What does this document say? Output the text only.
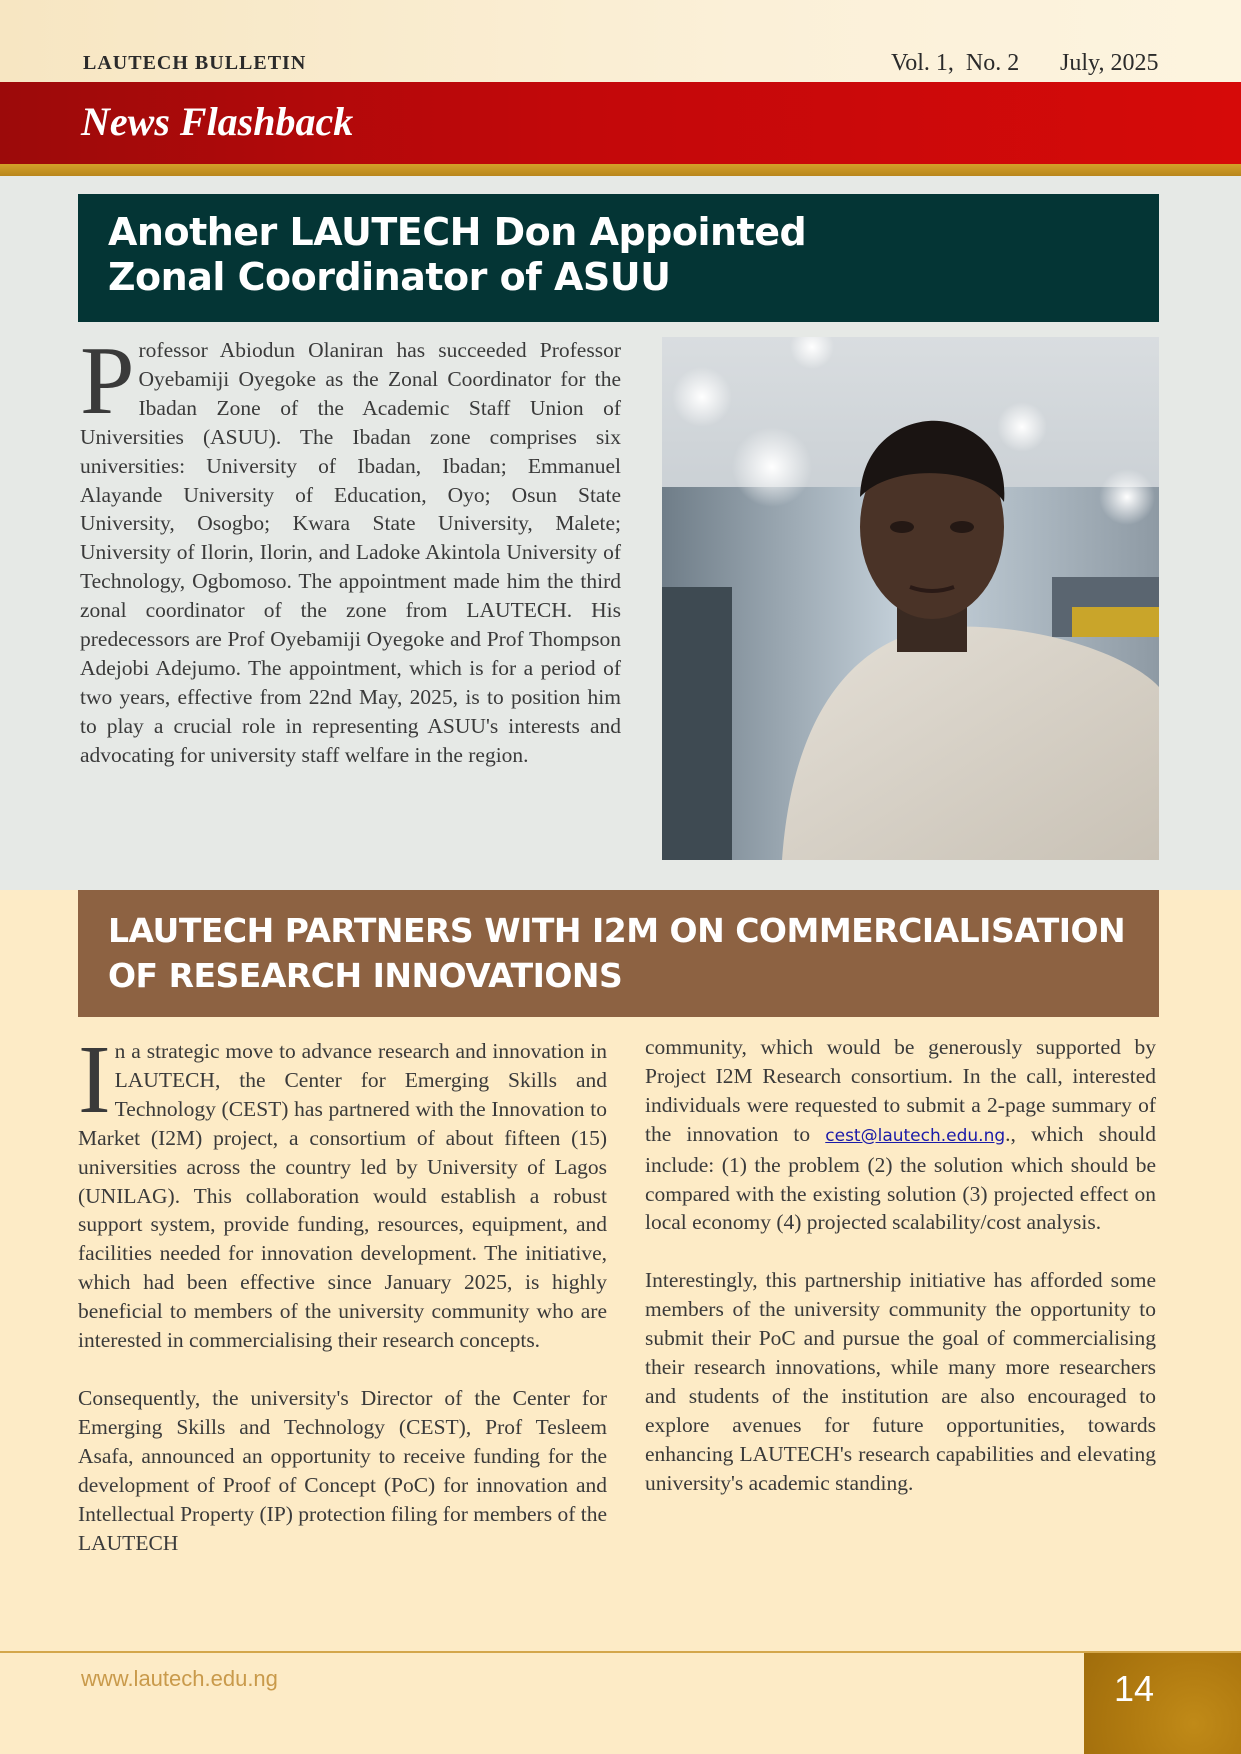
LAUTECH BULLETIN	Vol. 1,  No. 2 July, 2025
News Flashback
Another LAUTECH Don Appointed
Zonal Coordinator of ASUU
Professor Abiodun Olaniran has succeeded Professor Oyebamiji Oyegoke as the Zonal Coordinator for the Ibadan Zone of the Academic Staff Union of Universities (ASUU). The Ibadan zone comprises six universities: University of Ibadan, Ibadan; Emmanuel Alayande University of Education, Oyo; Osun State University, Osogbo; Kwara State University, Malete; University of Ilorin, Ilorin, and Ladoke Akintola University of Technology, Ogbomoso. The appointment made him the third zonal coordinator of the zone from LAUTECH. His predecessors are Prof Oyebamiji Oyegoke and Prof Thompson Adejobi Adejumo. The appointment, which is for a period of two years, effective from 22nd May, 2025, is to position him to play a crucial role in representing ASUU's interests and advocating for university staff welfare in the region.
LAUTECH PARTNERS WITH I2M ON COMMERCIALISATION
OF RESEARCH INNOVATIONS

In a strategic move to advance research and innovation in LAUTECH, the Center for Emerging Skills and Technology (CEST) has partnered with the Innovation to Market (I2M) project, a consortium of about fifteen (15) universities across the country led by University of Lagos (UNILAG). This collaboration would establish a robust support system, provide funding, resources, equipment, and facilities needed for innovation development. The initiative, which had been effective since January 2025, is highly beneficial to members of the university community who are interested in commercialising their research concepts.

Consequently, the university's Director of the Center for Emerging Skills and Technology (CEST), Prof Tesleem Asafa, announced an opportunity to receive funding for the development of Proof of Concept (PoC) for innovation and Intellectual Property (IP) protection filing for members of the LAUTECH

community, which would be generously supported by Project I2M Research consortium. In the call, interested individuals were requested to submit a 2-page summary of the innovation to cest@lautech.edu.ng., which should include: (1) the problem (2) the solution which should be compared with the existing solution (3) projected effect on local economy (4) projected scalability/cost analysis.

Interestingly, this partnership initiative has afforded some members of the university community the opportunity to submit their PoC and pursue the goal of commercialising their research innovations, while many more researchers and students of the institution are also encouraged to explore avenues for future opportunities, towards enhancing LAUTECH's research capabilities and elevating university's academic standing.

www.lautech.edu.ng	14
